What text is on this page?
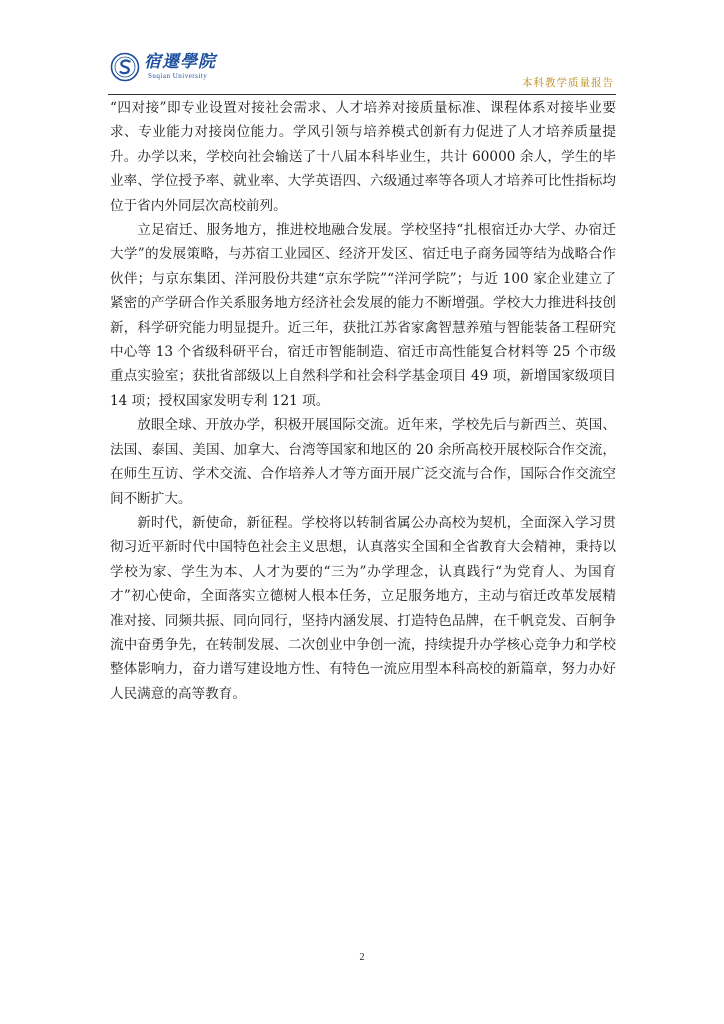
宿遷學院
Suqian University
本科教学质量报告

“四对接”即专业设置对接社会需求、人才培养对接质量标准、课程体系对接毕业要求、专业能力对接岗位能力。学风引领与培养模式创新有力促进了人才培养质量提升。办学以来，学校向社会输送了十八届本科毕业生，共计 60000 余人，学生的毕业率、学位授予率、就业率、大学英语四、六级通过率等各项人才培养可比性指标均位于省内外同层次高校前列。

立足宿迁、服务地方，推进校地融合发展。学校坚持“扎根宿迁办大学、办宿迁大学”的发展策略，与苏宿工业园区、经济开发区、宿迁电子商务园等结为战略合作伙伴；与京东集团、洋河股份共建“京东学院”“洋河学院”；与近 100 家企业建立了紧密的产学研合作关系服务地方经济社会发展的能力不断增强。学校大力推进科技创新，科学研究能力明显提升。近三年，获批江苏省家禽智慧养殖与智能装备工程研究中心等 13 个省级科研平台，宿迁市智能制造、宿迁市高性能复合材料等 25 个市级重点实验室；获批省部级以上自然科学和社会科学基金项目 49 项，新增国家级项目 14 项；授权国家发明专利 121 项。

放眼全球、开放办学，积极开展国际交流。近年来，学校先后与新西兰、英国、法国、泰国、美国、加拿大、台湾等国家和地区的 20 余所高校开展校际合作交流，在师生互访、学术交流、合作培养人才等方面开展广泛交流与合作，国际合作交流空间不断扩大。

新时代，新使命，新征程。学校将以转制省属公办高校为契机，全面深入学习贯彻习近平新时代中国特色社会主义思想，认真落实全国和全省教育大会精神，秉持以学校为家、学生为本、人才为要的“三为”办学理念，认真践行“为党育人、为国育才”初心使命，全面落实立德树人根本任务，立足服务地方，主动与宿迁改革发展精准对接、同频共振、同向同行，坚持内涵发展、打造特色品牌，在千帆竞发、百舸争流中奋勇争先，在转制发展、二次创业中争创一流，持续提升办学核心竞争力和学校整体影响力，奋力谱写建设地方性、有特色一流应用型本科高校的新篇章，努力办好人民满意的高等教育。

2
